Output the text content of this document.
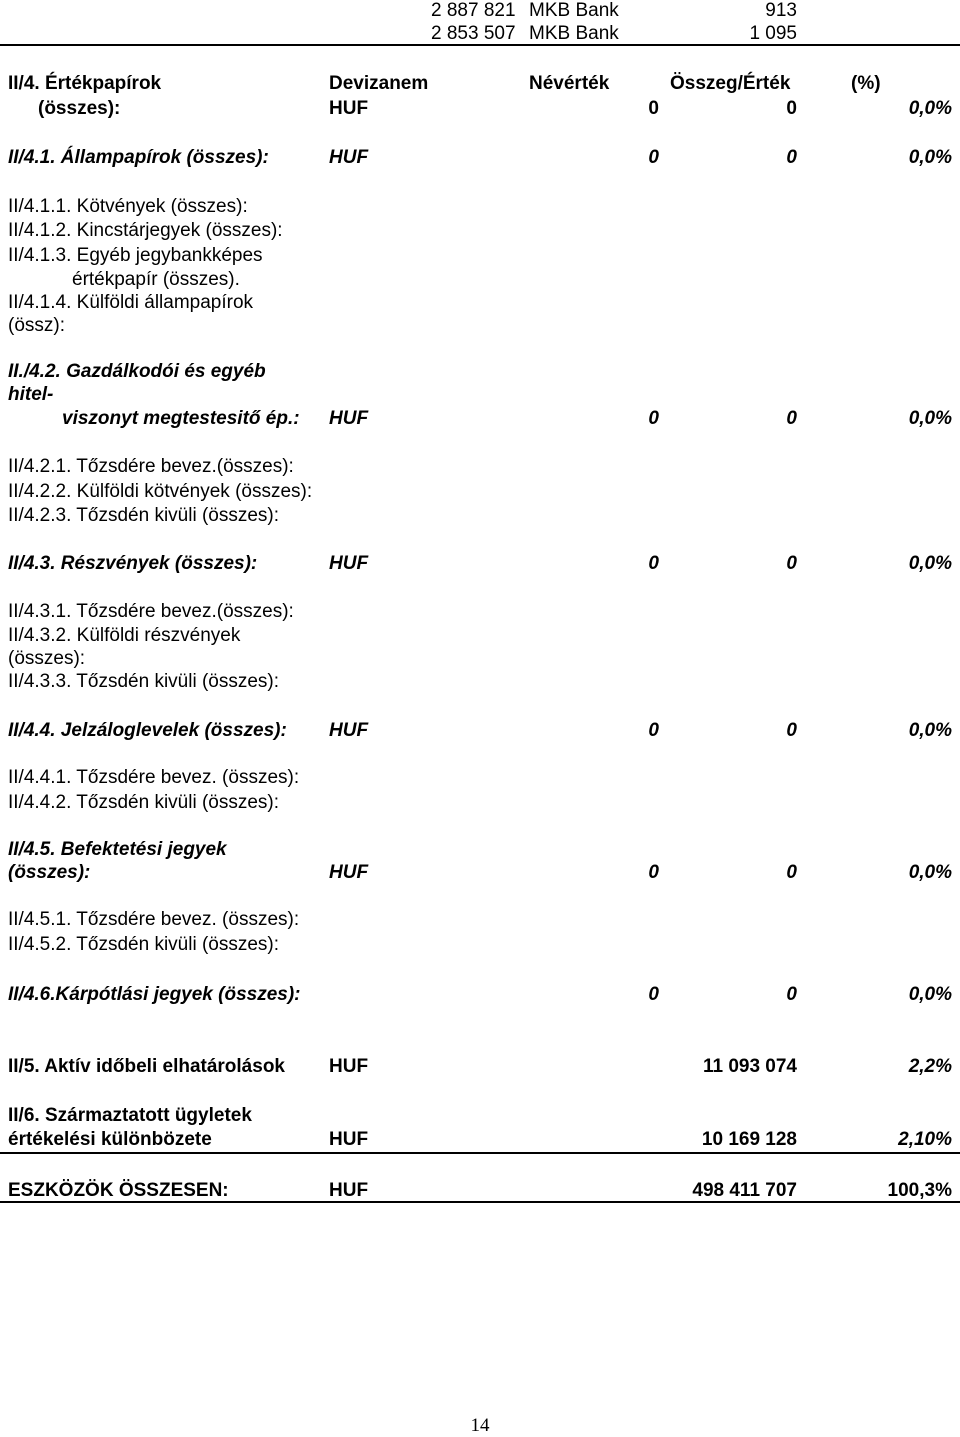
2 887 821 MKB Bank	913
2 853 507 MKB Bank	1 095
II/4. Értékpapírok	Devizanem	Névérték	Összeg/Érték	(%)
(összes):	HUF	0	0	0,0%
II/4.1. Állampapírok (összes):	HUF	0	0	0,0%
II/4.1.1. Kötvények (összes):
II/4.1.2. Kincstárjegyek (összes):
II/4.1.3. Egyéb jegybankképes
értékpapír (összes).
II/4.1.4. Külföldi állampapírok
(össz):
II./4.2. Gazdálkodói és egyéb
hitel-
viszonyt megtestesitő ép.: HUF	0	0	0,0%
II/4.2.1. Tőzsdére bevez.(összes):
II/4.2.2. Külföldi kötvények (összes):
II/4.2.3. Tőzsdén kivüli (összes):
II/4.3. Részvények (összes):	HUF	0	0	0,0%
II/4.3.1. Tőzsdére bevez.(összes):
II/4.3.2. Külföldi részvények
(összes):
II/4.3.3. Tőzsdén kivüli (összes):
II/4.4. Jelzáloglevelek (összes): HUF	0	0	0,0%
II/4.4.1. Tőzsdére bevez. (összes):
II/4.4.2. Tőzsdén kivüli (összes):
II/4.5. Befektetési jegyek
(összes):	HUF	0	0	0,0%
II/4.5.1. Tőzsdére bevez. (összes):
II/4.5.2. Tőzsdén kivüli (összes):
II/4.6.Kárpótlási jegyek (összes):	0	0	0,0%
II/5. Aktív időbeli elhatárolások HUF	11 093 074	2,2%
II/6. Származtatott ügyletek
értékelési különbözete	HUF	10 169 128	2,10%
ESZKÖZÖK ÖSSZESEN:	HUF	498 411 707	100,3%
14
